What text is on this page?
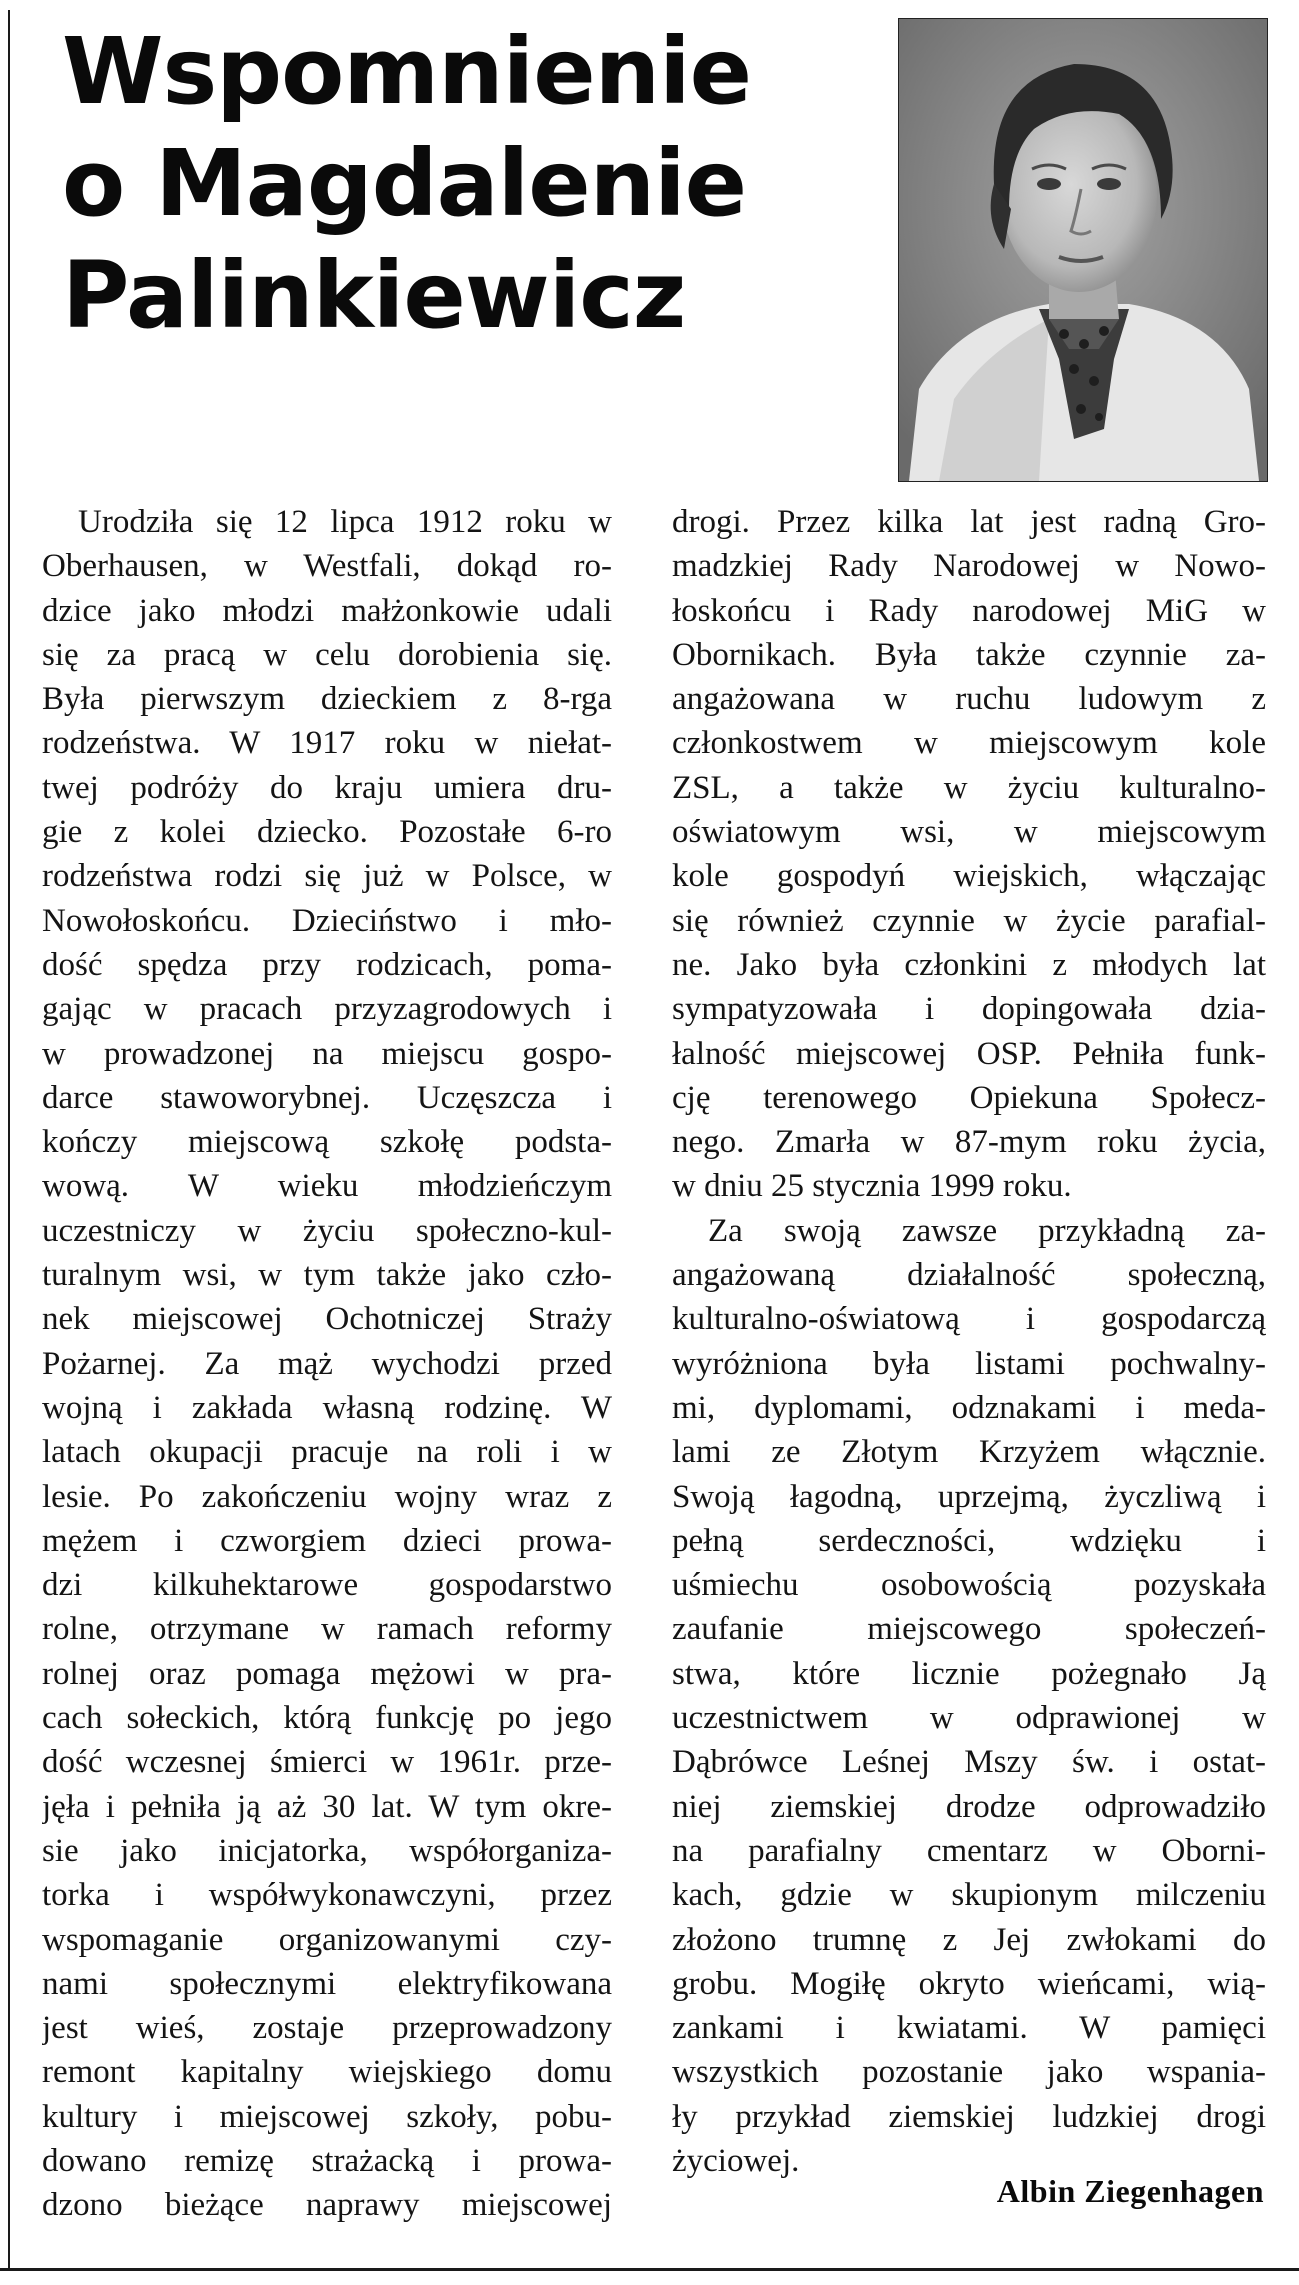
Wspomnienie
o Magdalenie
Palinkiewicz
Urodziła się 12 lipca 1912 roku w
Oberhausen, w Westfali, dokąd ro-
dzice jako młodzi małżonkowie udali
się za pracą w celu dorobienia się.
Była pierwszym dzieckiem z 8-rga
rodzeństwa. W 1917 roku w niełat-
twej podróży do kraju umiera dru-
gie z kolei dziecko. Pozostałe 6-ro
rodzeństwa rodzi się już w Polsce, w
Nowołoskońcu. Dzieciństwo i mło-
dość spędza przy rodzicach, poma-
gając w pracach przyzagrodowych i
w prowadzonej na miejscu gospo-
darce stawoworybnej. Uczęszcza i
kończy miejscową szkołę podsta-
wową. W wieku młodzieńczym
uczestniczy w życiu społeczno-kul-
turalnym wsi, w tym także jako czło-
nek miejscowej Ochotniczej Straży
Pożarnej. Za mąż wychodzi przed
wojną i zakłada własną rodzinę. W
latach okupacji pracuje na roli i w
lesie. Po zakończeniu wojny wraz z
mężem i czworgiem dzieci prowa-
dzi kilkuhektarowe gospodarstwo
rolne, otrzymane w ramach reformy
rolnej oraz pomaga mężowi w pra-
cach sołeckich, którą funkcję po jego
dość wczesnej śmierci w 1961r. prze-
jęła i pełniła ją aż 30 lat. W tym okre-
sie jako inicjatorka, współorganiza-
torka i współwykonawczyni, przez
wspomaganie organizowanymi czy-
nami społecznymi elektryfikowana
jest wieś, zostaje przeprowadzony
remont kapitalny wiejskiego domu
kultury i miejscowej szkoły, pobu-
dowano remizę strażacką i prowa-
dzono bieżące naprawy miejscowej
drogi. Przez kilka lat jest radną Gro-
madzkiej Rady Narodowej w Nowo-
łoskońcu i Rady narodowej MiG w
Obornikach. Była także czynnie za-
angażowana w ruchu ludowym z
członkostwem w miejscowym kole
ZSL, a także w życiu kulturalno-
oświatowym wsi, w miejscowym
kole gospodyń wiejskich, włączając
się również czynnie w życie parafial-
ne. Jako była członkini z młodych lat
sympatyzowała i dopingowała dzia-
łalność miejscowej OSP. Pełniła funk-
cję terenowego Opiekuna Społecz-
nego. Zmarła w 87-mym roku życia,
w dniu 25 stycznia 1999 roku.
Za swoją zawsze przykładną za-
angażowaną działalność społeczną,
kulturalno-oświatową i gospodarczą
wyróżniona była listami pochwalny-
mi, dyplomami, odznakami i meda-
lami ze Złotym Krzyżem włącznie.
Swoją łagodną, uprzejmą, życzliwą i
pełną serdeczności, wdzięku i
uśmiechu osobowością pozyskała
zaufanie miejscowego społeczeń-
stwa, które licznie pożegnało Ją
uczestnictwem w odprawionej w
Dąbrówce Leśnej Mszy św. i ostat-
niej ziemskiej drodze odprowadziło
na parafialny cmentarz w Oborni-
kach, gdzie w skupionym milczeniu
złożono trumnę z Jej zwłokami do
grobu. Mogiłę okryto wieńcami, wią-
zankami i kwiatami. W pamięci
wszystkich pozostanie jako wspania-
ły przykład ziemskiej ludzkiej drogi
życiowej.
Albin Ziegenhagen
